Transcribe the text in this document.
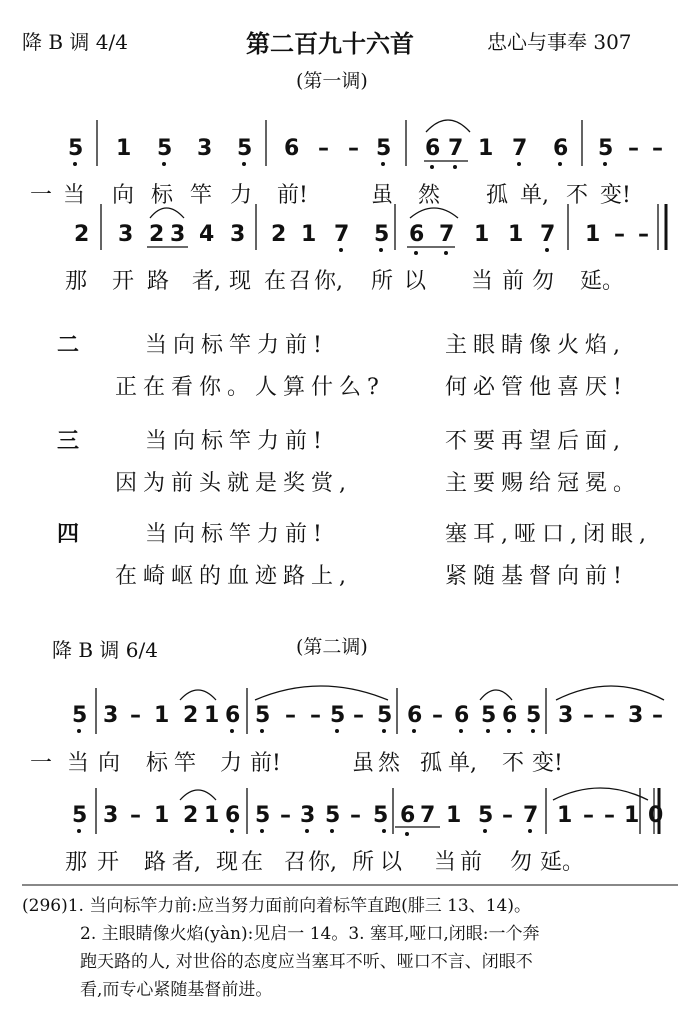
降 B 调 4/4	第二百九十六首	忠心与事奉 307
(第一调)
5 1 5 3 5 6 – – 5 6 7 1 7 6 5 – –
一 当 向 标 竿 力 前!	虽 然 孤 单, 不 变!
2 3 2 3 4 3 2 1 7 5 6 7 1 1 7 1 – –
那 开 路 者, 现 在 召 你, 所 以 当 前 勿 延。
二	当向标竿力前!	主眼睛像火焰,
正在看你。人算什么?	何必管他喜厌!
三	当向标竿力前!	不要再望后面,
因为前头就是奖赏,	主要赐给冠冕。
四	当向标竿力前!	塞耳,哑口,闭眼,
在崎岖的血迹路上,	紧随基督向前!
降 B 调 6/4	(第二调)
5 3 – 1 2 1 6 5 – – 5 – 5 6 – 6 5 6 5 3 – – 3 –
一 当 向 标 竿 力 前!	虽 然 孤 单, 不 变!
5 3 – 1 2 1 6 5 – 3 5 – 5 6 7 1 5 – 7 1 – – 1 0
那 开 路 者, 现 在 召 你, 所 以 当 前 勿 延。
(296)1. 当向标竿力前:应当努力面前向着标竿直跑(腓三 13、14)。
2. 主眼睛像火焰(yàn):见启一 14。3. 塞耳,哑口,闭眼:一个奔
跑天路的人, 对世俗的态度应当塞耳不听、哑口不言、闭眼不
看,而专心紧随基督前进。
